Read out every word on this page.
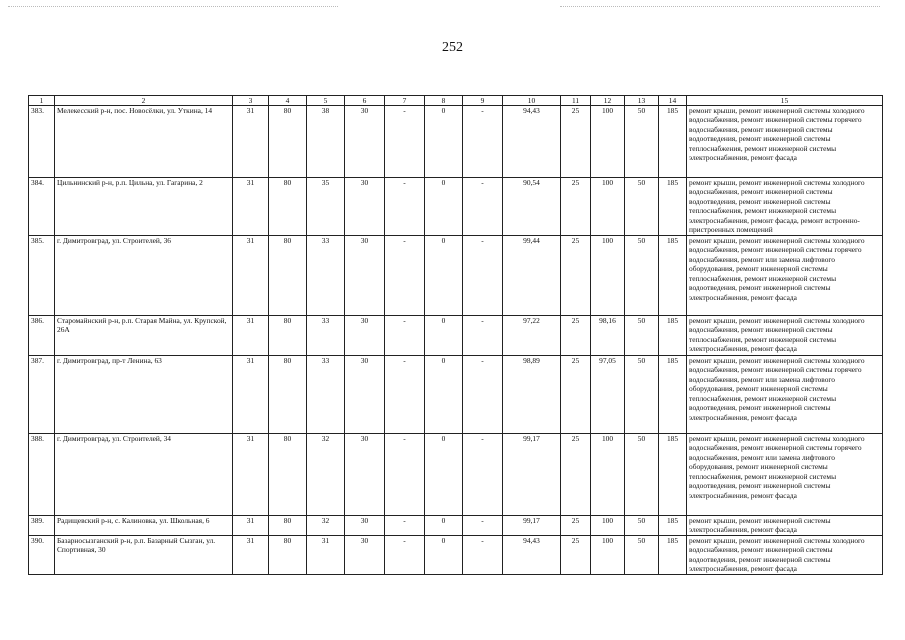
252
1	2	3	4	5	6	7	8	9	10	11	12	13	14	15
383.	Мелекесский р-н, пос. Новосёлки, ул. Уткина, 14	31	80	38	30	-	0	-	94,43	25	100	50	185	ремонт крыши, ремонт инженерной системы холодного водоснабжения, ремонт инженерной системы горячего водоснабжения, ремонт инженерной системы водоотведения, ремонт инженерной системы теплоснабжения, ремонт инженерной системы электроснабжения, ремонт фасада
384.	Цильнинский р-н, р.п. Цильна, ул. Гагарина, 2	31	80	35	30	-	0	-	90,54	25	100	50	185	ремонт крыши, ремонт инженерной системы холодного водоснабжения, ремонт инженерной системы водоотведения, ремонт инженерной системы теплоснабжения, ремонт инженерной системы электроснабжения, ремонт фасада, ремонт встроенно-пристроенных помещений
385.	г. Димитровград, ул. Строителей, 36	31	80	33	30	-	0	-	99,44	25	100	50	185	ремонт крыши, ремонт инженерной системы холодного водоснабжения, ремонт инженерной системы горячего водоснабжения, ремонт или замена лифтового оборудования, ремонт инженерной системы теплоснабжения, ремонт инженерной системы водоотведения, ремонт инженерной системы электроснабжения, ремонт фасада
386.	Старомайнский р-н, р.п. Старая Майна, ул. Крупской, 26А	31	80	33	30	-	0	-	97,22	25	98,16	50	185	ремонт крыши, ремонт инженерной системы холодного водоснабжения, ремонт инженерной системы теплоснабжения, ремонт инженерной системы электроснабжения, ремонт фасада
387.	г. Димитровград, пр-т Ленина, 63	31	80	33	30	-	0	-	98,89	25	97,05	50	185	ремонт крыши, ремонт инженерной системы холодного водоснабжения, ремонт инженерной системы горячего водоснабжения, ремонт или замена лифтового оборудования, ремонт инженерной системы теплоснабжения, ремонт инженерной системы водоотведения, ремонт инженерной системы электроснабжения, ремонт фасада
388.	г. Димитровград, ул. Строителей, 34	31	80	32	30	-	0	-	99,17	25	100	50	185	ремонт крыши, ремонт инженерной системы холодного водоснабжения, ремонт инженерной системы горячего водоснабжения, ремонт или замена лифтового оборудования, ремонт инженерной системы теплоснабжения, ремонт инженерной системы водоотведения, ремонт инженерной системы электроснабжения, ремонт фасада
389.	Радищевский р-н, с. Калиновка, ул. Школьная, 6	31	80	32	30	-	0	-	99,17	25	100	50	185	ремонт крыши, ремонт инженерной системы электроснабжения, ремонт фасада
390.	Базарносызганский р-н, р.п. Базарный Сызган, ул. Спортивная, 30	31	80	31	30	-	0	-	94,43	25	100	50	185	ремонт крыши, ремонт инженерной системы холодного водоснабжения, ремонт инженерной системы водоотведения, ремонт инженерной системы электроснабжения, ремонт фасада
